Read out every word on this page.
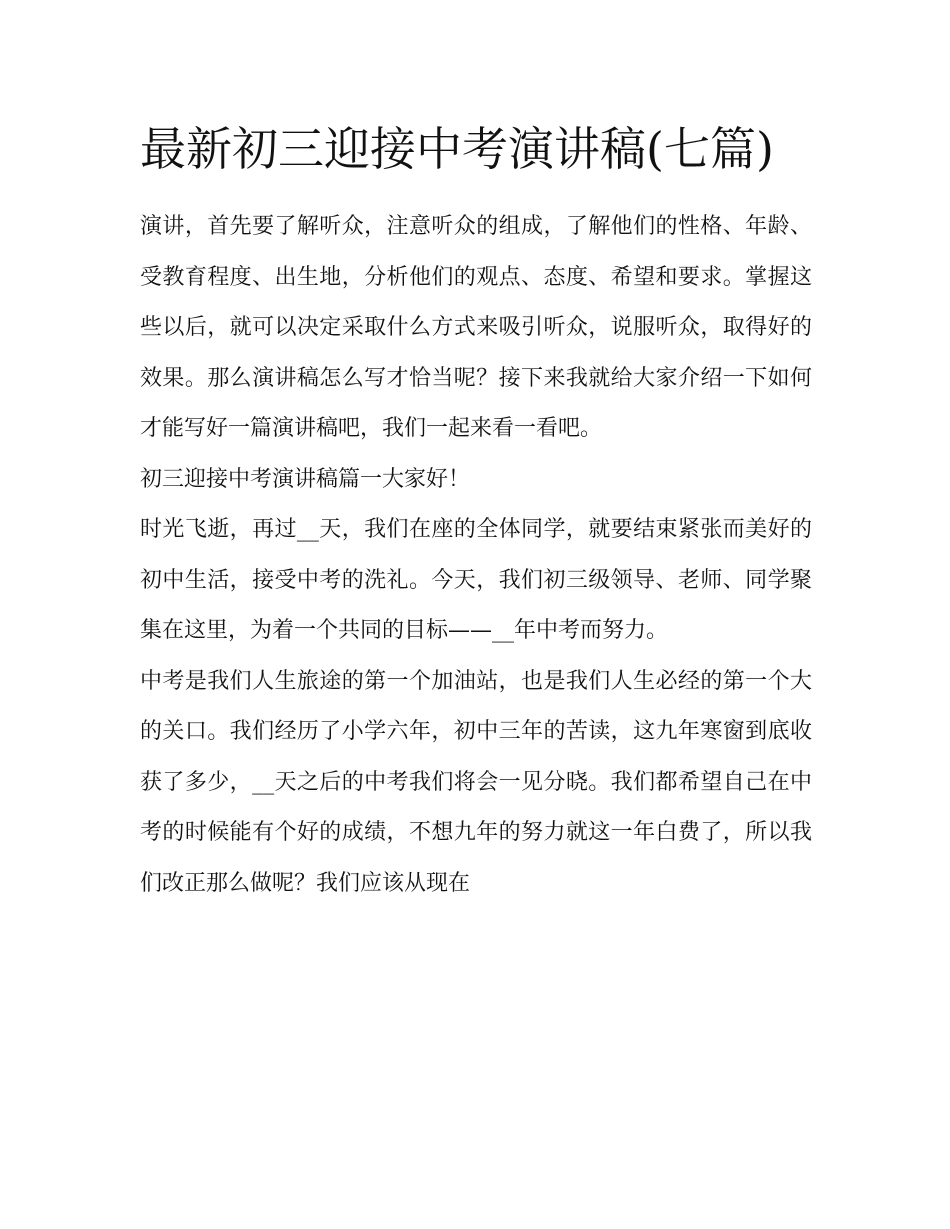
最新初三迎接中考演讲稿(七篇)

演讲，首先要了解听众，注意听众的组成，了解他们的性格、年龄、受教育程度、出生地，分析他们的观点、态度、希望和要求。掌握这些以后，就可以决定采取什么方式来吸引听众，说服听众，取得好的效果。那么演讲稿怎么写才恰当呢？接下来我就给大家介绍一下如何才能写好一篇演讲稿吧，我们一起来看一看吧。

初三迎接中考演讲稿篇一大家好！

时光飞逝，再过__天，我们在座的全体同学，就要结束紧张而美好的初中生活，接受中考的洗礼。今天，我们初三级领导、老师、同学聚集在这里，为着一个共同的目标——__年中考而努力。

中考是我们人生旅途的第一个加油站，也是我们人生必经的第一个大的关口。我们经历了小学六年，初中三年的苦读，这九年寒窗到底收获了多少，__天之后的中考我们将会一见分晓。我们都希望自己在中考的时候能有个好的成绩，不想九年的努力就这一年白费了，所以我们改正那么做呢？我们应该从现在
